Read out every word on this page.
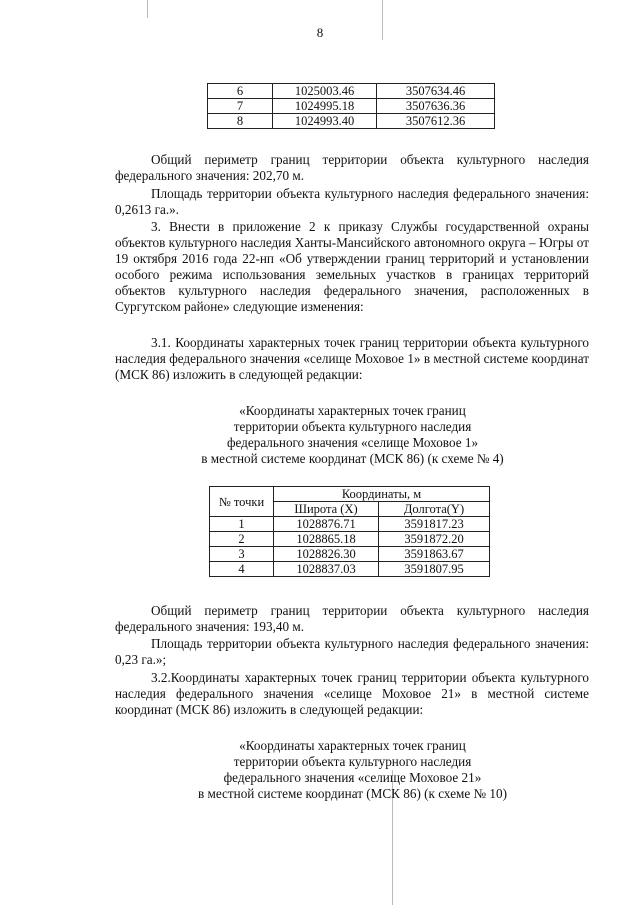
8
6	1025003.46	3507634.46
7	1024995.18	3507636.36
8	1024993.40	3507612.36

Общий периметр границ территории объекта культурного наследия федерального значения: 202,70 м.

Площадь территории объекта культурного наследия федерального значения: 0,2613 га.».

3. Внести в приложение 2 к приказу Службы государственной охраны объектов культурного наследия Ханты-Мансийского автономного округа – Югры от 19 октября 2016 года 22-нп «Об утверждении границ территорий и установлении особого режима использования земельных участков в границах территорий объектов культурного наследия федерального значения, расположенных в Сургутском районе» следующие изменения:

3.1. Координаты характерных точек границ территории объекта культурного наследия федерального значения «селище Моховое 1» в местной системе координат (МСК 86) изложить в следующей редакции:

«Координаты характерных точек границ
территории объекта культурного наследия
федерального значения «селище Моховое 1»
в местной системе координат (МСК 86) (к схеме № 4)
№ точки	Координаты, м	
	Широта (X)	Долгота(Y)
1	1028876.71	3591817.23
2	1028865.18	3591872.20
3	1028826.30	3591863.67
4	1028837.03	3591807.95

Общий периметр границ территории объекта культурного наследия федерального значения: 193,40 м.

Площадь территории объекта культурного наследия федерального значения: 0,23 га.»;

3.2.Координаты характерных точек границ территории объекта культурного наследия федерального значения «селище Моховое 21» в местной системе координат (МСК 86) изложить в следующей редакции:

«Координаты характерных точек границ
территории объекта культурного наследия
федерального значения «селище Моховое 21»
в местной системе координат (МСК 86) (к схеме № 10)
